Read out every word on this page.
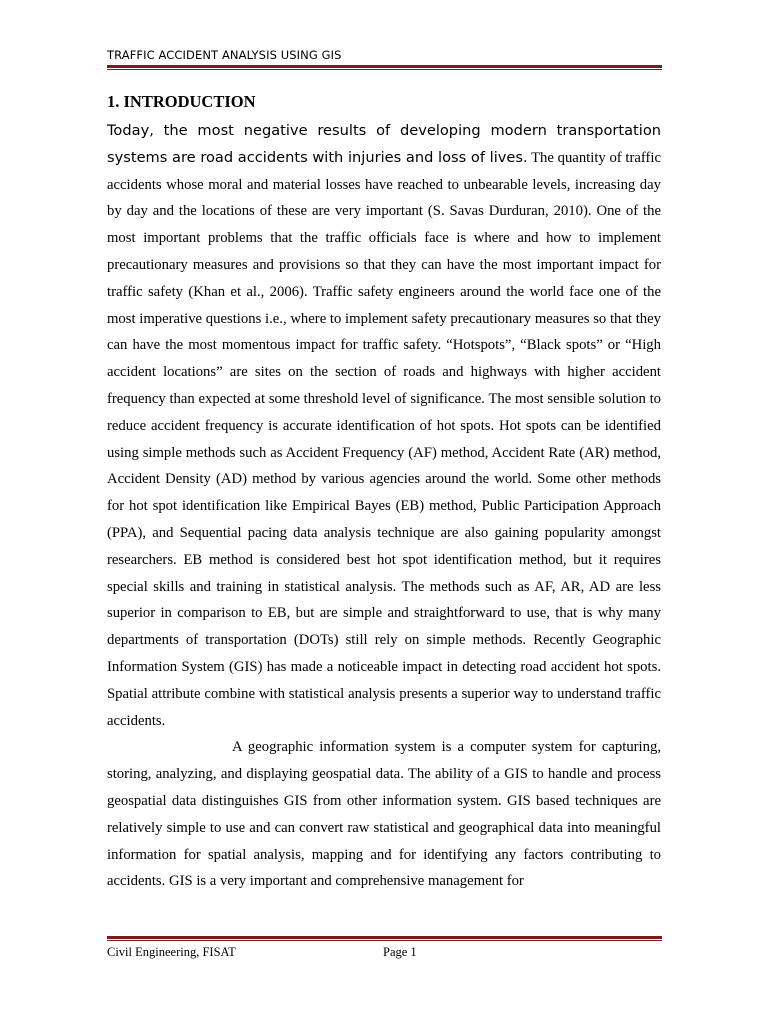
TRAFFIC ACCIDENT ANALYSIS USING GIS
1. INTRODUCTION

Today, the most negative results of developing modern transportation systems are road accidents with injuries and loss of lives. The quantity of traffic accidents whose moral and material losses have reached to unbearable levels, increasing day by day and the locations of these are very important (S. Savas Durduran, 2010). One of the most important problems that the traffic officials face is where and how to implement precautionary measures and provisions so that they can have the most important impact for traffic safety (Khan et al., 2006). Traffic safety engineers around the world face one of the most imperative questions i.e., where to implement safety precautionary measures so that they can have the most momentous impact for traffic safety. “Hotspots”, “Black spots” or “High accident locations” are sites on the section of roads and highways with higher accident frequency than expected at some threshold level of significance. The most sensible solution to reduce accident frequency is accurate identification of hot spots. Hot spots can be identified using simple methods such as Accident Frequency (AF) method, Accident Rate (AR) method, Accident Density (AD) method by various agencies around the world. Some other methods for hot spot identification like Empirical Bayes (EB) method, Public Participation Approach (PPA), and Sequential pacing data analysis technique are also gaining popularity amongst researchers. EB method is considered best hot spot identification method, but it requires special skills and training in statistical analysis. The methods such as AF, AR, AD are less superior in comparison to EB, but are simple and straightforward to use, that is why many departments of transportation (DOTs) still rely on simple methods. Recently Geographic Information System (GIS) has made a noticeable impact in detecting road accident hot spots. Spatial attribute combine with statistical analysis presents a superior way to understand traffic accidents.

A geographic information system is a computer system for capturing, storing, analyzing, and displaying geospatial data. The ability of a GIS to handle and process geospatial data distinguishes GIS from other information system. GIS based techniques are relatively simple to use and can convert raw statistical and geographical data into meaningful information for spatial analysis, mapping and for identifying any factors contributing to accidents. GIS is a very important and comprehensive management for

Civil Engineering, FISAT	Page 1
